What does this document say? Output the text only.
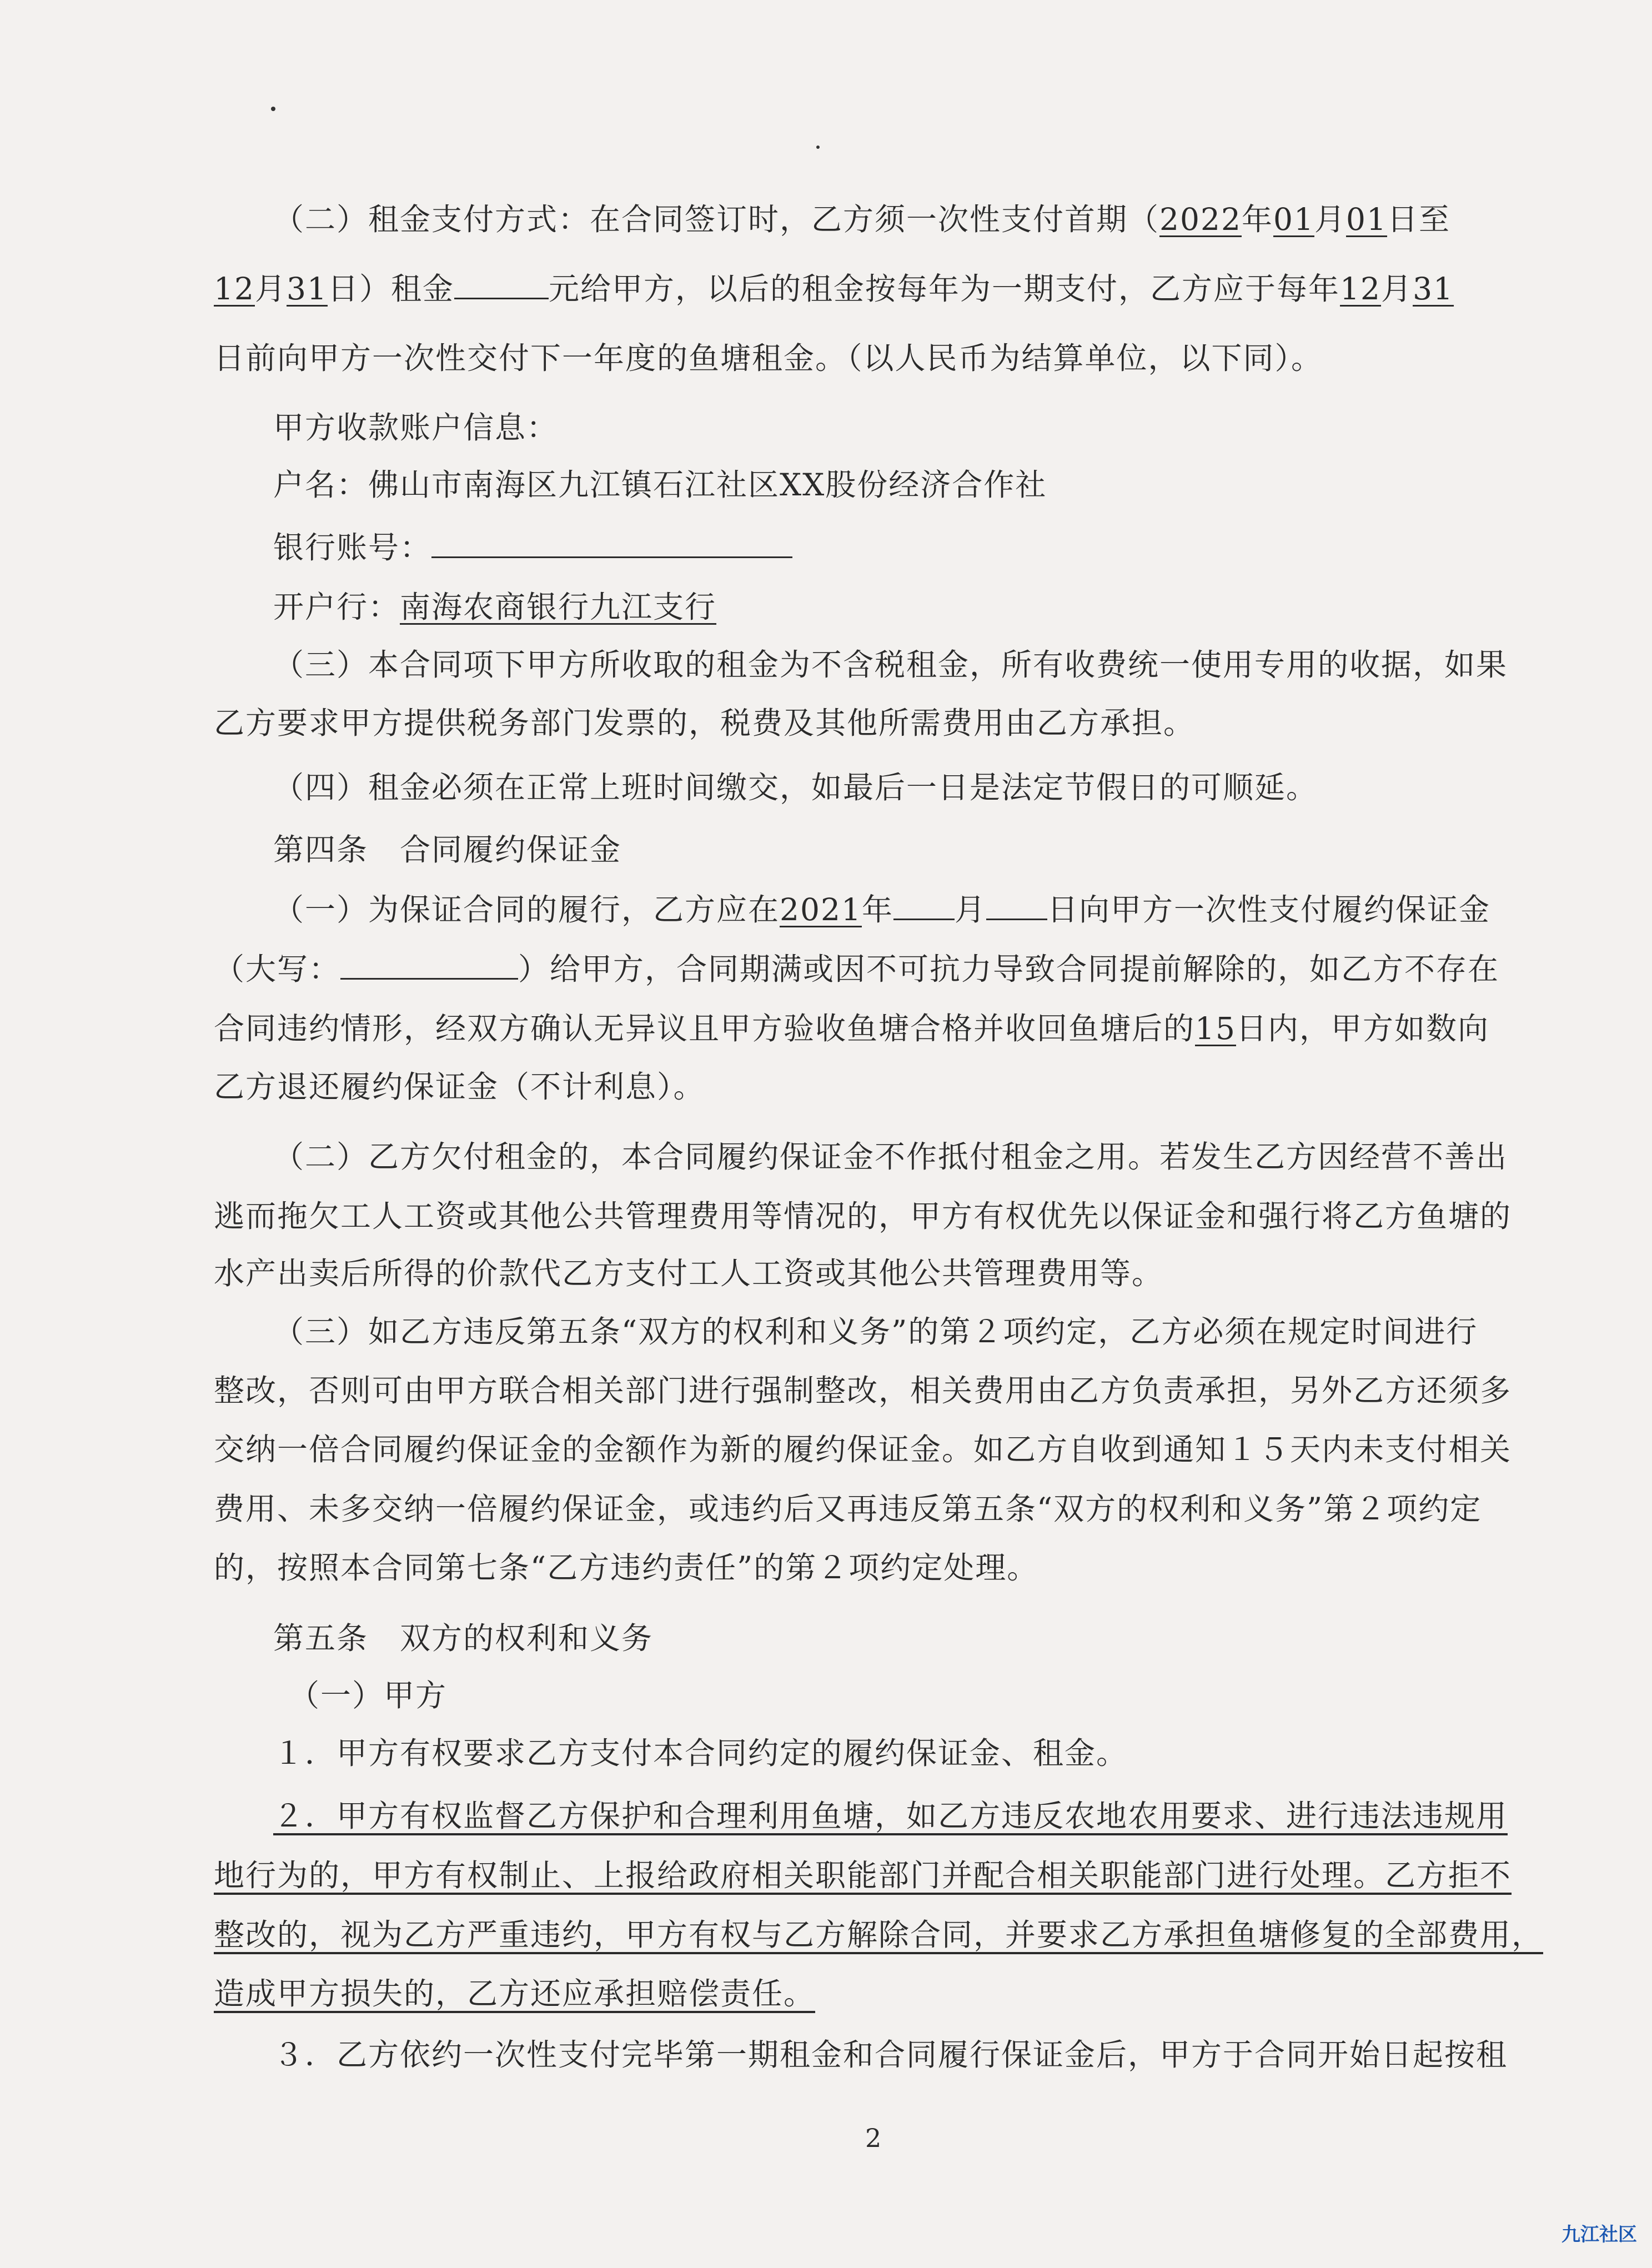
（二）租金支付方式：在合同签订时，乙方须一次性支付首期（2022年01月01日至
12月31日）租金	元给甲方，以后的租金按每年为一期支付，乙方应于每年12月31
日前向甲方一次性交付下一年度的鱼塘租金。（以人民币为结算单位，以下同）。
甲方收款账户信息：
户名：佛山市南海区九江镇石江社区ⅩⅩ股份经济合作社
银行账号：
开户行：南海农商银行九江支行
（三）本合同项下甲方所收取的租金为不含税租金，所有收费统一使用专用的收据，如果
乙方要求甲方提供税务部门发票的，税费及其他所需费用由乙方承担。
（四）租金必须在正常上班时间缴交，如最后一日是法定节假日的可顺延。
第四条　合同履约保证金
（一）为保证合同的履行，乙方应在2021年 月 日向甲方一次性支付履约保证金
（大写：	）给甲方，合同期满或因不可抗力导致合同提前解除的，如乙方不存在
合同违约情形，经双方确认无异议且甲方验收鱼塘合格并收回鱼塘后的15日内，甲方如数向
乙方退还履约保证金（不计利息）。
（二）乙方欠付租金的，本合同履约保证金不作抵付租金之用。若发生乙方因经营不善出
逃而拖欠工人工资或其他公共管理费用等情况的，甲方有权优先以保证金和强行将乙方鱼塘的
水产出卖后所得的价款代乙方支付工人工资或其他公共管理费用等。
（三）如乙方违反第五条“双方的权利和义务”的第２项约定，乙方必须在规定时间进行
整改，否则可由甲方联合相关部门进行强制整改，相关费用由乙方负责承担，另外乙方还须多
交纳一倍合同履约保证金的金额作为新的履约保证金。如乙方自收到通知１５天内未支付相关
费用、未多交纳一倍履约保证金，或违约后又再违反第五条“双方的权利和义务”第２项约定
的，按照本合同第七条“乙方违约责任”的第２项约定处理。
第五条　双方的权利和义务
（一）甲方
１．甲方有权要求乙方支付本合同约定的履约保证金、租金。
２．甲方有权监督乙方保护和合理利用鱼塘，如乙方违反农地农用要求、进行违法违规用
地行为的，甲方有权制止、上报给政府相关职能部门并配合相关职能部门进行处理。乙方拒不
整改的，视为乙方严重违约，甲方有权与乙方解除合同，并要求乙方承担鱼塘修复的全部费用，
造成甲方损失的，乙方还应承担赔偿责任。
３．乙方依约一次性支付完毕第一期租金和合同履行保证金后，甲方于合同开始日起按租
2
九江社区
